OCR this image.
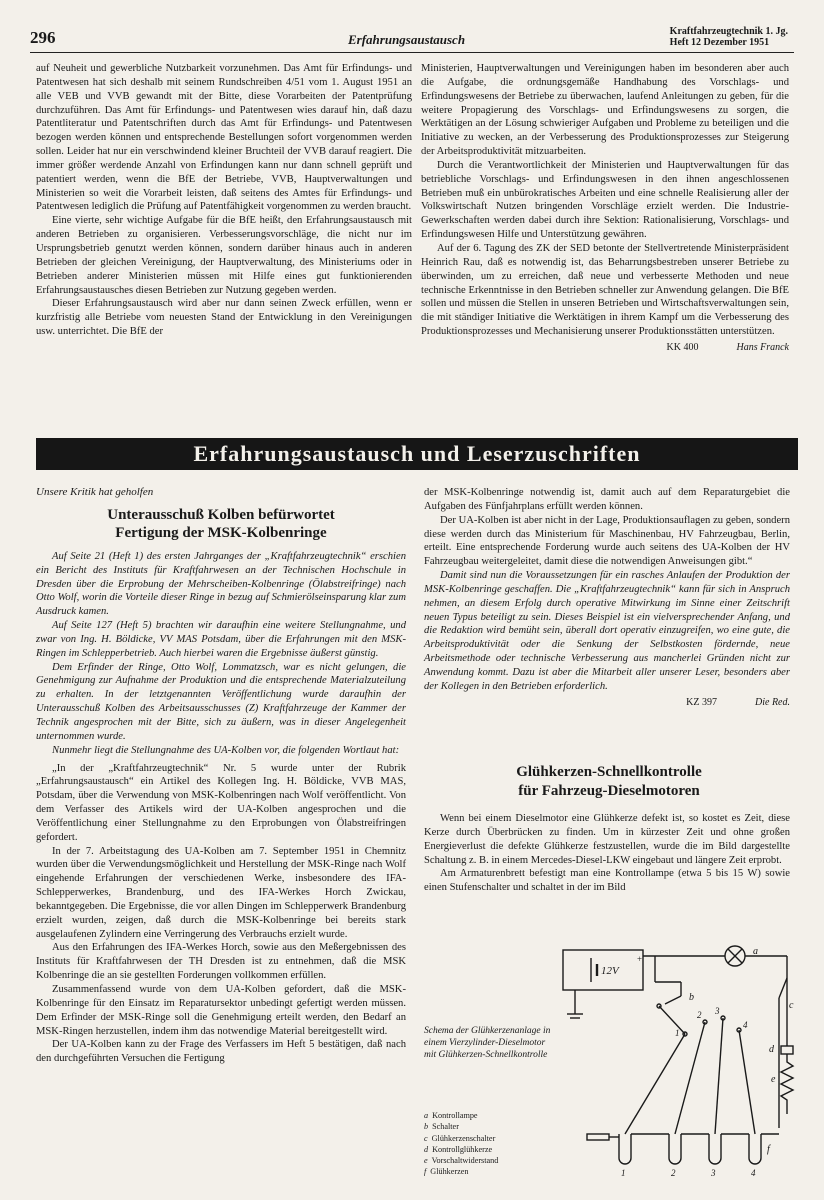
296	Erfahrungsaustausch
Kraftfahrzeugtechnik 1. Jg.
Heft 12 Dezember 1951

auf Neuheit und gewerbliche Nutzbarkeit vorzunehmen. Das Amt für Erfindungs- und Patentwesen hat sich deshalb mit seinem Rundschreiben 4/51 vom 1. August 1951 an alle VEB und VVB gewandt mit der Bitte, diese Vorarbeiten der Patentprüfung durchzuführen. Das Amt für Erfindungs- und Patentwesen wies darauf hin, daß dazu Patentliteratur und Patentschriften durch das Amt für Erfindungs- und Patentwesen bezogen werden können und entsprechende Bestellungen sofort vorgenommen werden sollen. Leider hat nur ein verschwindend kleiner Bruchteil der VVB darauf reagiert. Die immer größer werdende Anzahl von Erfindungen kann nur dann schnell geprüft und patentiert werden, wenn die BfE der Betriebe, VVB, Hauptverwaltungen und Ministerien so weit die Vorarbeit leisten, daß seitens des Amtes für Erfindungs- und Patentwesen lediglich die Prüfung auf Patentfähigkeit vorgenommen zu werden braucht.

Eine vierte, sehr wichtige Aufgabe für die BfE heißt, den Erfahrungsaustausch mit anderen Betrieben zu organisieren. Verbesserungsvorschläge, die nicht nur im Ursprungsbetrieb genutzt werden können, sondern darüber hinaus auch in anderen Betrieben der gleichen Vereinigung, der Hauptverwaltung, des Ministeriums oder in Betrieben anderer Ministerien müssen mit Hilfe eines gut funktionierenden Erfahrungsaustausches diesen Betrieben zur Nutzung gegeben werden.

Dieser Erfahrungsaustausch wird aber nur dann seinen Zweck erfüllen, wenn er kurzfristig alle Betriebe vom neuesten Stand der Entwicklung in den Vereinigungen usw. unterrichtet. Die BfE der

Ministerien, Hauptverwaltungen und Vereinigungen haben im besonderen aber auch die Aufgabe, die ordnungsgemäße Handhabung des Vorschlags- und Erfindungswesens der Betriebe zu überwachen, laufend Anleitungen zu geben, für die weitere Propagierung des Vorschlags- und Erfindungswesens zu sorgen, die Werktätigen an der Lösung schwieriger Aufgaben und Probleme zu beteiligen und die Initiative zu wecken, an der Verbesserung des Produktionsprozesses zur Steigerung der Arbeitsproduktivität mitzuarbeiten.

Durch die Verantwortlichkeit der Ministerien und Hauptverwaltungen für das betriebliche Vorschlags- und Erfindungswesen in den ihnen angeschlossenen Betrieben muß ein unbürokratisches Arbeiten und eine schnelle Realisierung aller der Volkswirtschaft Nutzen bringenden Vorschläge erzielt werden. Die Industrie-Gewerkschaften werden dabei durch ihre Sektion: Rationalisierung, Vorschlags- und Erfindungswesen Hilfe und Unterstützung gewähren.

Auf der 6. Tagung des ZK der SED betonte der Stellvertretende Ministerpräsident Heinrich Rau, daß es notwendig ist, das Beharrungsbestreben unserer Betriebe zu überwinden, um zu erreichen, daß neue und verbesserte Methoden und neue technische Erkenntnisse in den Betrieben schneller zur Anwendung gelangen. Die BfE sollen und müssen die Stellen in unseren Betrieben und Wirtschaftsverwaltungen sein, die mit ständiger Initiative die Werktätigen in ihrem Kampf um die Verbesserung des Produktionsprozesses und Mechanisierung unserer Produktionsstätten unterstützen.

KK 400	Hans Franck
Erfahrungsaustausch und Leserzuschriften
Unsere Kritik hat geholfen
Unterausschuß Kolben befürwortet
Fertigung der MSK-Kolbenringe

Auf Seite 21 (Heft 1) des ersten Jahrganges der „Kraftfahrzeugtechnik“ erschien ein Bericht des Instituts für Kraftfahrwesen an der Technischen Hochschule in Dresden über die Erprobung der Mehrscheiben-Kolbenringe (Ölabstreifringe) nach Otto Wolf, worin die Vorteile dieser Ringe in bezug auf Schmierölseinsparung klar zum Ausdruck kamen.

Auf Seite 127 (Heft 5) brachten wir daraufhin eine weitere Stellungnahme, und zwar von Ing. H. Böldicke, VV MAS Potsdam, über die Erfahrungen mit den MSK-Ringen im Schlepperbetrieb. Auch hierbei waren die Ergebnisse äußerst günstig.

Dem Erfinder der Ringe, Otto Wolf, Lommatzsch, war es nicht gelungen, die Genehmigung zur Aufnahme der Produktion und die entsprechende Materialzuteilung zu erhalten. In der letztgenannten Veröffentlichung wurde daraufhin der Unterausschuß Kolben des Arbeitsausschusses (Z) Kraftfahrzeuge der Kammer der Technik angesprochen mit der Bitte, sich zu äußern, was in dieser Angelegenheit unternommen wurde.

Nunmehr liegt die Stellungnahme des UA-Kolben vor, die folgenden Wortlaut hat:

„In der „Kraftfahrzeugtechnik“ Nr. 5 wurde unter der Rubrik „Erfahrungsaustausch“ ein Artikel des Kollegen Ing. H. Böldicke, VVB MAS, Potsdam, über die Verwendung von MSK-Kolbenringen nach Wolf veröffentlicht. Von dem Verfasser des Artikels wird der UA-Kolben angesprochen und die Veröffentlichung einer Stellungnahme zu den Erprobungen von Ölabstreifringen gefordert.

In der 7. Arbeitstagung des UA-Kolben am 7. September 1951 in Chemnitz wurden über die Verwendungsmöglichkeit und Herstellung der MSK-Ringe nach Wolf eingehende Erfahrungen der verschiedenen Werke, insbesondere des IFA-Schlepperwerkes, Brandenburg, und des IFA-Werkes Horch Zwickau, bekanntgegeben. Die Ergebnisse, die vor allen Dingen im Schlepperwerk Brandenburg erzielt wurden, zeigen, daß durch die MSK-Kolbenringe bei bereits stark ausgelaufenen Zylindern eine Verringerung des Verbrauchs erzielt wurde.

Aus den Erfahrungen des IFA-Werkes Horch, sowie aus den Meßergebnissen des Instituts für Kraftfahrwesen der TH Dresden ist zu entnehmen, daß die MSK Kolbenringe die an sie gestellten Forderungen vollkommen erfüllen.

Zusammenfassend wurde von dem UA-Kolben gefordert, daß die MSK-Kolbenringe für den Einsatz im Reparatursektor unbedingt gefertigt werden müssen. Dem Erfinder der MSK-Ringe soll die Genehmigung erteilt werden, den Bedarf an MSK-Ringen herzustellen, indem ihm das notwendige Material bereitgestellt wird.

Der UA-Kolben kann zu der Frage des Verfassers im Heft 5 bestätigen, daß nach den durchgeführten Versuchen die Fertigung

der MSK-Kolbenringe notwendig ist, damit auch auf dem Reparaturgebiet die Aufgaben des Fünfjahrplans erfüllt werden können.

Der UA-Kolben ist aber nicht in der Lage, Produktionsauflagen zu geben, sondern diese werden durch das Ministerium für Maschinenbau, HV Fahrzeugbau, Berlin, erteilt. Eine entsprechende Forderung wurde auch seitens des UA-Kolben der HV Fahrzeugbau weitergeleitet, damit diese die notwendigen Anweisungen gibt.“

Damit sind nun die Voraussetzungen für ein rasches Anlaufen der Produktion der MSK-Kolbenringe geschaffen. Die „Kraftfahrzeugtechnik“ kann für sich in Anspruch nehmen, an diesem Erfolg durch operative Mitwirkung im Sinne einer Zeitschrift neuen Typus beteiligt zu sein. Dieses Beispiel ist ein vielversprechender Anfang, und die Redaktion wird bemüht sein, überall dort operativ einzugreifen, wo eine gute, die Arbeitsproduktivität oder die Senkung der Selbstkosten fördernde, neue Arbeitsmethode oder technische Verbesserung aus mancherlei Gründen nicht zur Anwendung kommt. Dazu ist aber die Mitarbeit aller unserer Leser, besonders aber der Kollegen in den Betrieben erforderlich.

KZ 397	Die Red.
Glühkerzen-Schnellkontrolle
für Fahrzeug-Dieselmotoren

Wenn bei einem Dieselmotor eine Glühkerze defekt ist, so kostet es Zeit, diese Kerze durch Überbrücken zu finden. Um in kürzester Zeit und ohne großen Energieverlust die defekte Glühkerze festzustellen, wurde die im Bild dargestellte Schaltung z. B. in einem Mercedes-Diesel-LKW eingebaut und längere Zeit erprobt.

Am Armaturenbrett befestigt man eine Kontrollampe (etwa 5 bis 15 W) sowie einen Stufenschalter und schaltet in der im Bild

12V
+
a
b
c
1
2 3
4
d
e
f
1	2	3	4
Schema der Glühkerzenanlage in einem Vierzylinder-Dieselmotor mit Glühkerzen-Schnellkontrolle
a Kontrollampe
b Schalter
c Glühkerzenschalter
d Kontrollglühkerze
e Vorschaltwiderstand
f Glühkerzen
